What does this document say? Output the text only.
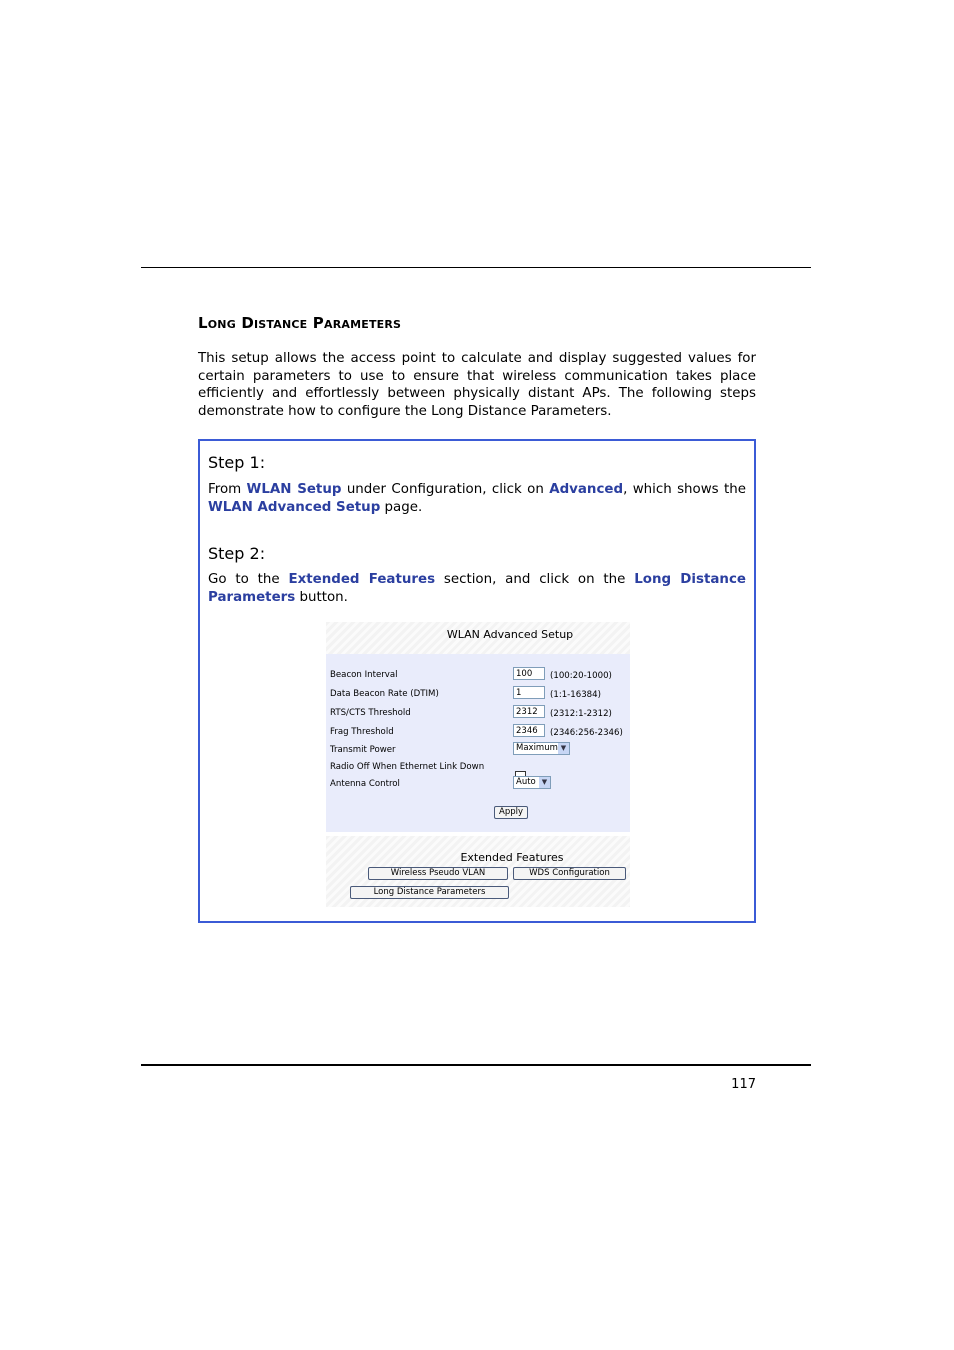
Long Distance Parameters

This setup allows the access point to calculate and display suggested values for certain parameters to use to ensure that wireless communication takes place efficiently and effortlessly between physically distant APs. The following steps demonstrate how to configure the Long Distance Parameters.

Step 1:

From WLAN Setup under Configuration, click on Advanced, which shows the WLAN Advanced Setup page.

Step 2:

Go to the Extended Features section, and click on the Long Distance Parameters button.

WLAN Advanced Setup
Beacon Interval	100	(100:20-1000)
Data Beacon Rate (DTIM)	1	(1:1-16384)
RTS/CTS Threshold	2312	(2312:1-2312)
Frag Threshold	2346	(2346:256-2346)
Transmit Power	Maximum ▼
Radio Off When Ethernet Link Down
Antenna Control	Auto ▼
Apply
Extended Features
Wireless Pseudo VLAN	WDS Configuration
Long Distance Parameters
117
